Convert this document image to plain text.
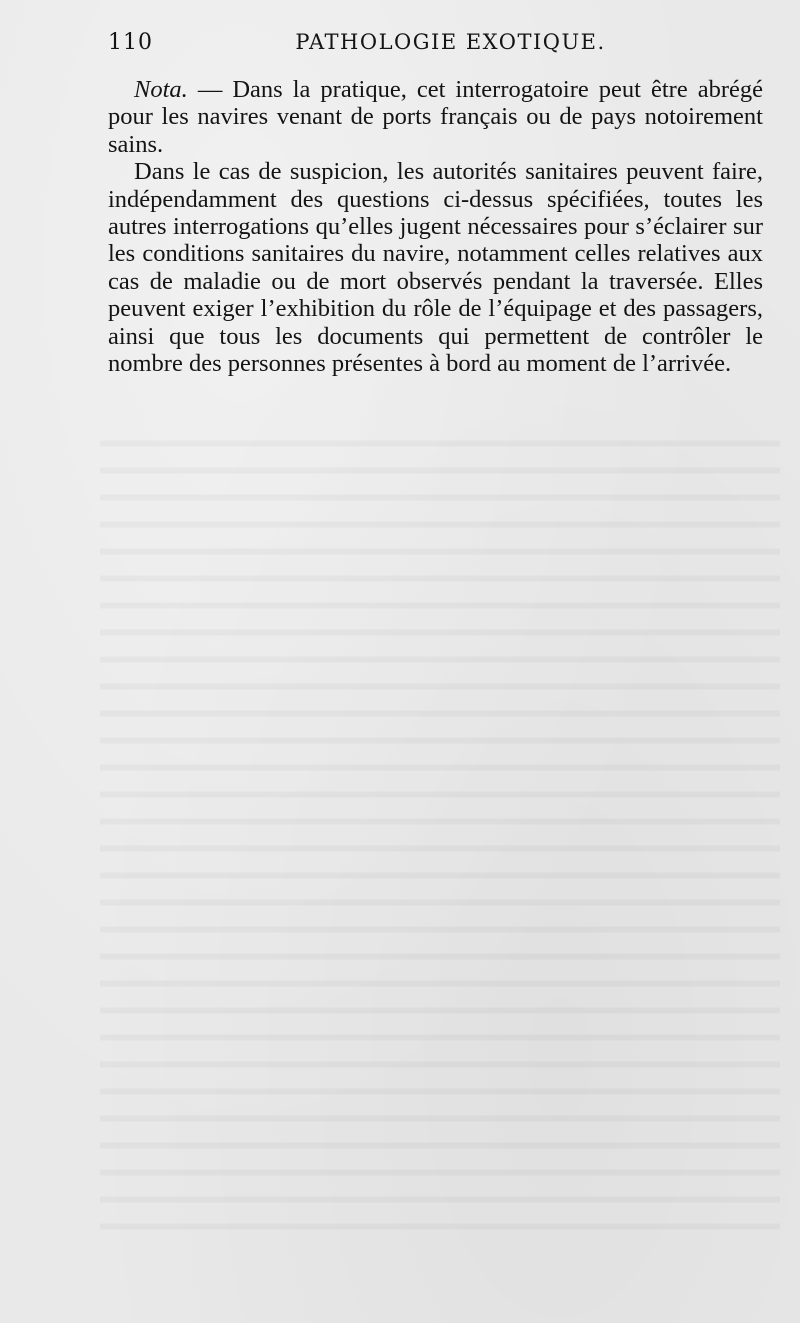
110	PATHOLOGIE EXOTIQUE.

Nota. — Dans la pratique, cet interrogatoire peut être abrégé pour les navires venant de ports français ou de pays notoirement sains.

Dans le cas de suspicion, les autorités sanitaires peuvent faire, indépendamment des questions ci-dessus spécifiées, toutes les autres interrogations qu’elles jugent nécessaires pour s’éclairer sur les conditions sanitaires du navire, notamment celles relatives aux cas de maladie ou de mort observés pendant la traversée. Elles peuvent exiger l’exhibition du rôle de l’équipage et des passagers, ainsi que tous les documents qui permettent de contrôler le nombre des personnes présentes à bord au moment de l’arrivée.
